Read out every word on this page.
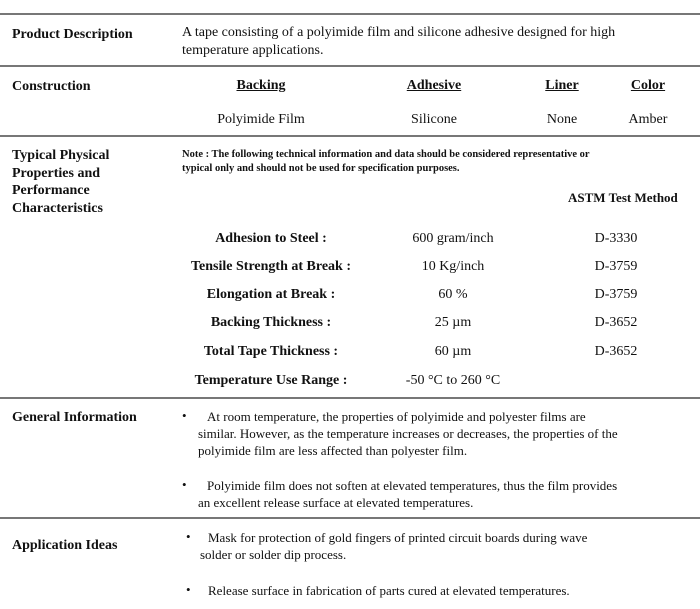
Product Description	A tape consisting of a polyimide film and silicone adhesive designed for high
temperature applications.
Construction	Backing	Adhesive	Liner	Color
Polyimide Film	Silicone	None	Amber
Typical Physical
Properties and
Performance
Characteristics
Note : The following technical information and data should be considered representative or
typical only and should not be used for specification purposes.
ASTM Test Method
Adhesion to Steel :	600 gram/inch	D-3330
Tensile Strength at Break :	10 Kg/inch	D-3759
Elongation at Break :	60 %	D-3759
Backing Thickness :	25 µm	D-3652
Total Tape Thickness :	60 µm	D-3652
Temperature Use Range :	-50 °C to 260 °C
General Information	•	At room temperature, the properties of polyimide and polyester films are
similar. However, as the temperature increases or decreases, the properties of the
polyimide film are less affected than polyester film.
•	Polyimide film does not soften at elevated temperatures, thus the film provides
an excellent release surface at elevated temperatures.
Application Ideas
•	Mask for protection of gold fingers of printed circuit boards during wave
solder or solder dip process.
•	Release surface in fabrication of parts cured at elevated temperatures.
